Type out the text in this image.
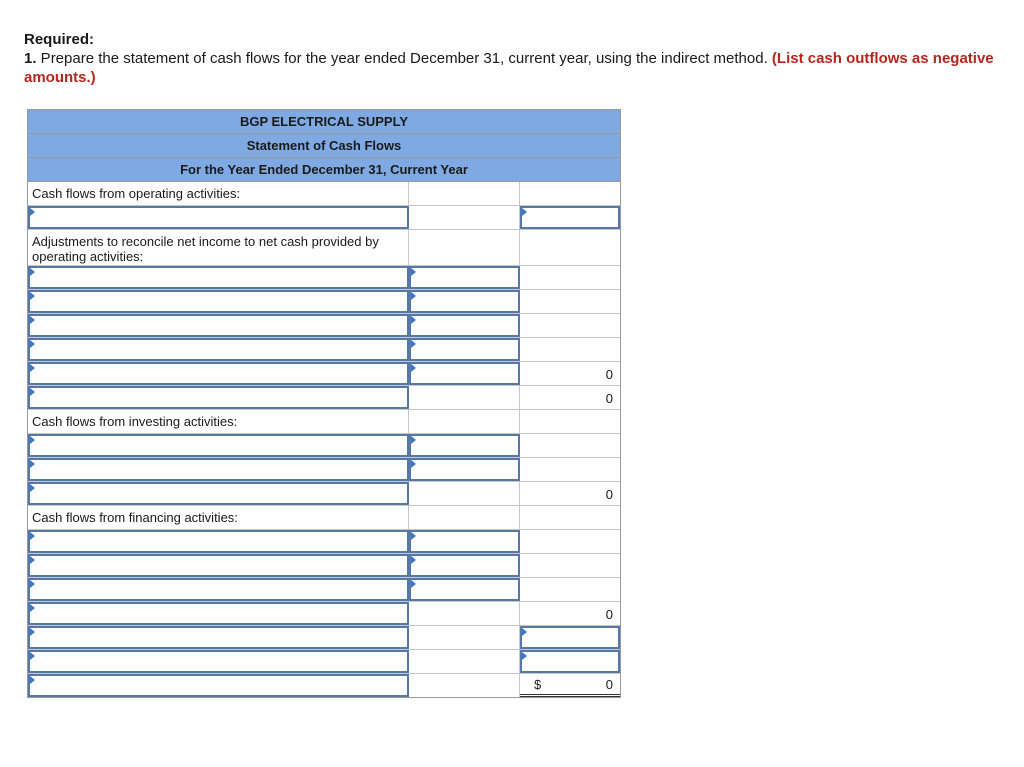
Required:
1. Prepare the statement of cash flows for the year ended December 31, current year, using the indirect method. (List cash outflows as negative amounts.)
BGP ELECTRICAL SUPPLY
Statement of Cash Flows
For the Year Ended December 31, Current Year
Cash flows from operating activities:
Adjustments to reconcile net income to net cash provided by operating activities:
0
0
Cash flows from investing activities:
0
Cash flows from financing activities:
0
$	0
